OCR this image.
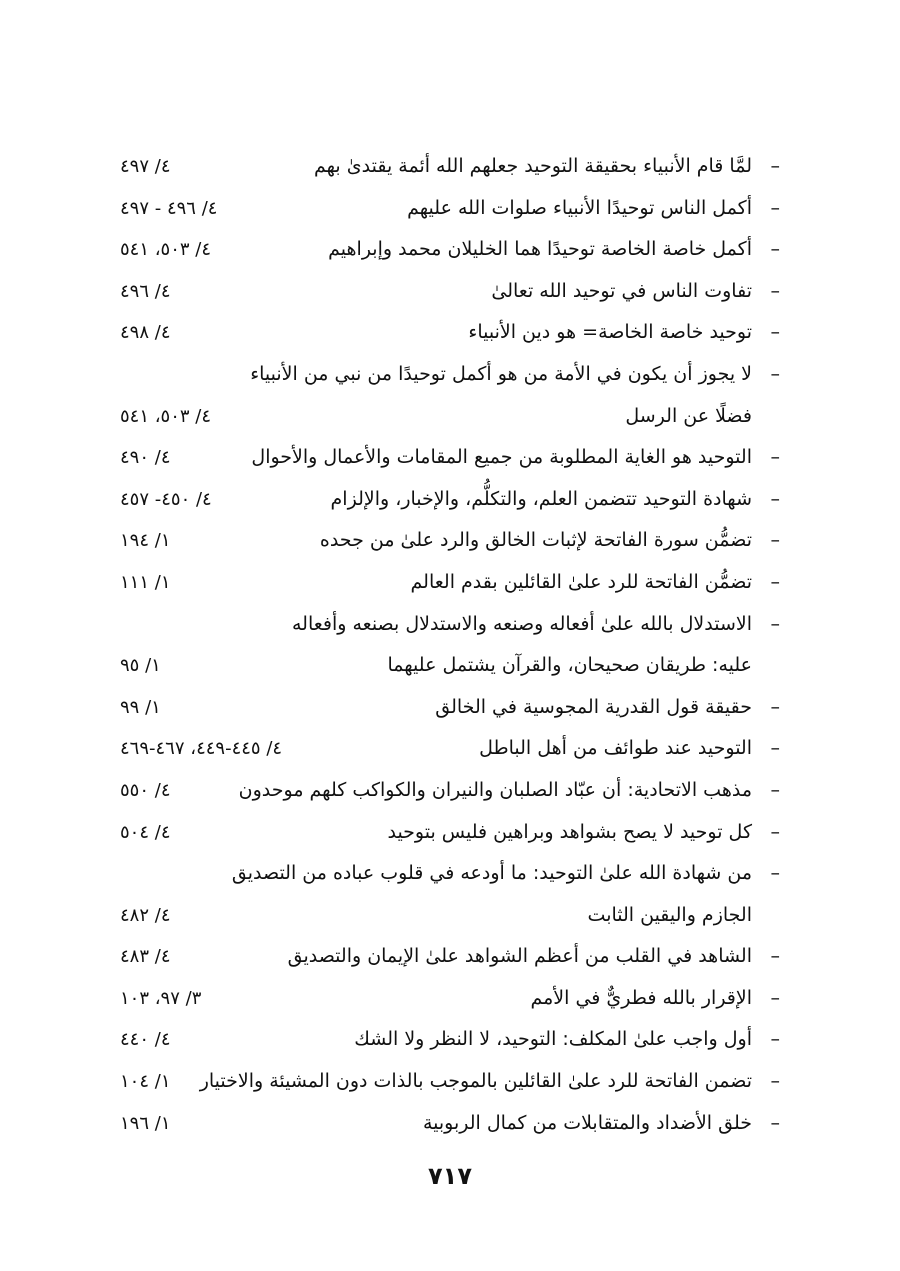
–
لمَّا قام الأنبياء بحقيقة التوحيد جعلهم الله أئمة يقتدىٰ بهم
٤/ ٤٩٧
–
أكمل الناس توحيدًا الأنبياء صلوات الله عليهم
٤/ ٤٩٦ - ٤٩٧
–
أكمل خاصة الخاصة توحيدًا هما الخليلان محمد وإبراهيم
٤/ ٥٠٣، ٥٤١
–
تفاوت الناس في توحيد الله تعالىٰ
٤/ ٤٩٦
–
توحيد خاصة الخاصة= هو دين الأنبياء
٤/ ٤٩٨
–
لا يجوز أن يكون في الأمة من هو أكمل توحيدًا من نبي من الأنبياء
فضلًا عن الرسل
٤/ ٥٠٣، ٥٤١
–
التوحيد هو الغاية المطلوبة من جميع المقامات والأعمال والأحوال
٤/ ٤٩٠
–
شهادة التوحيد تتضمن العلم، والتكلُّم، والإخبار، والإلزام
٤/ ٤٥٠- ٤٥٧
–
تضمُّن سورة الفاتحة لإثبات الخالق والرد علىٰ من جحده
١/ ١٩٤
–
تضمُّن الفاتحة للرد علىٰ القائلين بقدم العالم
١/ ١١١
–
الاستدلال بالله علىٰ أفعاله وصنعه والاستدلال بصنعه وأفعاله
عليه: طريقان صحيحان، والقرآن يشتمل عليهما
١/ ٩٥
–
حقيقة قول القدرية المجوسية في الخالق
١/ ٩٩
–
التوحيد عند طوائف من أهل الباطل
٤/ ٤٤٥-٤٤٩، ٤٦٧-٤٦٩
–
مذهب الاتحادية: أن عبّاد الصلبان والنيران والكواكب كلهم موحدون
٤/ ٥٥٠
–
كل توحيد لا يصح بشواهد وبراهين فليس بتوحيد
٤/ ٥٠٤
–
من شهادة الله علىٰ التوحيد: ما أودعه في قلوب عباده من التصديق
الجازم واليقين الثابت
٤/ ٤٨٢
–
الشاهد في القلب من أعظم الشواهد علىٰ الإيمان والتصديق
٤/ ٤٨٣
–
الإقرار بالله فطريٌّ في الأمم
٣/ ٩٧، ١٠٣
–
أول واجب علىٰ المكلف: التوحيد، لا النظر ولا الشك
٤/ ٤٤٠
–
تضمن الفاتحة للرد علىٰ القائلين بالموجب بالذات دون المشيئة والاختيار
١/ ١٠٤
–
خلق الأضداد والمتقابلات من كمال الربوبية
١/ ١٩٦
٧١٧
